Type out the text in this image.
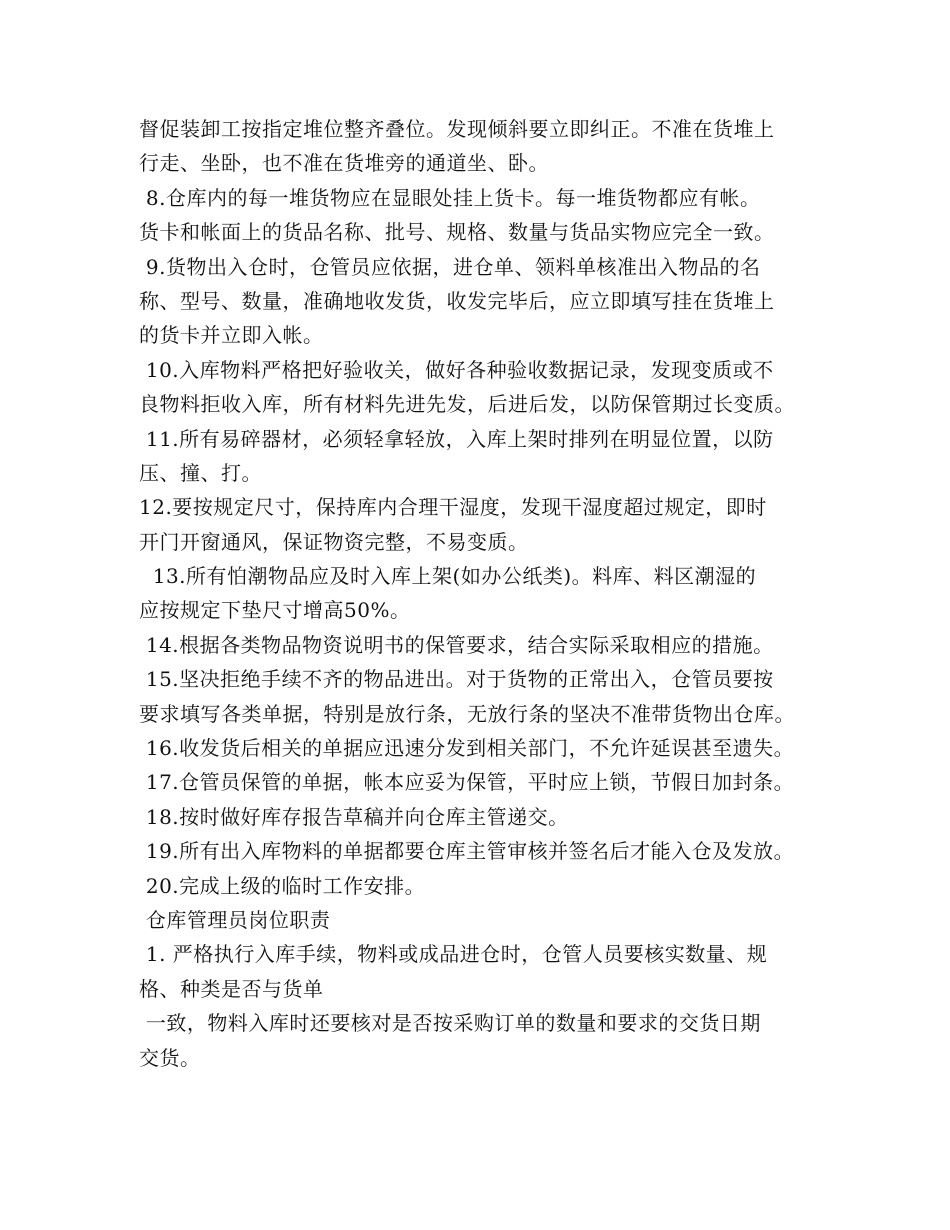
督促装卸工按指定堆位整齐叠位。发现倾斜要立即纠正。不准在货堆上
行走、坐卧，也不准在货堆旁的通道坐、卧。
8.仓库内的每一堆货物应在显眼处挂上货卡。每一堆货物都应有帐。
货卡和帐面上的货品名称、批号、规格、数量与货品实物应完全一致。
9.货物出入仓时，仓管员应依据，进仓单、领料单核准出入物品的名
称、型号、数量，准确地收发货，收发完毕后，应立即填写挂在货堆上
的货卡并立即入帐。
10.入库物料严格把好验收关，做好各种验收数据记录，发现变质或不
良物料拒收入库，所有材料先进先发，后进后发，以防保管期过长变质。
11.所有易碎器材，必须轻拿轻放，入库上架时排列在明显位置，以防
压、撞、打。
12.要按规定尺寸，保持库内合理干湿度，发现干湿度超过规定，即时
开门开窗通风，保证物资完整，不易变质。
13.所有怕潮物品应及时入库上架(如办公纸类)。料库、料区潮湿的
应按规定下垫尺寸增高50%。
14.根据各类物品物资说明书的保管要求，结合实际采取相应的措施。
15.坚决拒绝手续不齐的物品进出。对于货物的正常出入，仓管员要按
要求填写各类单据，特别是放行条，无放行条的坚决不准带货物出仓库。
16.收发货后相关的单据应迅速分发到相关部门，不允许延误甚至遗失。
17.仓管员保管的单据，帐本应妥为保管，平时应上锁，节假日加封条。
18.按时做好库存报告草稿并向仓库主管递交。
19.所有出入库物料的单据都要仓库主管审核并签名后才能入仓及发放。
20.完成上级的临时工作安排。
仓库管理员岗位职责
1. 严格执行入库手续，物料或成品进仓时，仓管人员要核实数量、规
格、种类是否与货单
一致，物料入库时还要核对是否按采购订单的数量和要求的交货日期
交货。
